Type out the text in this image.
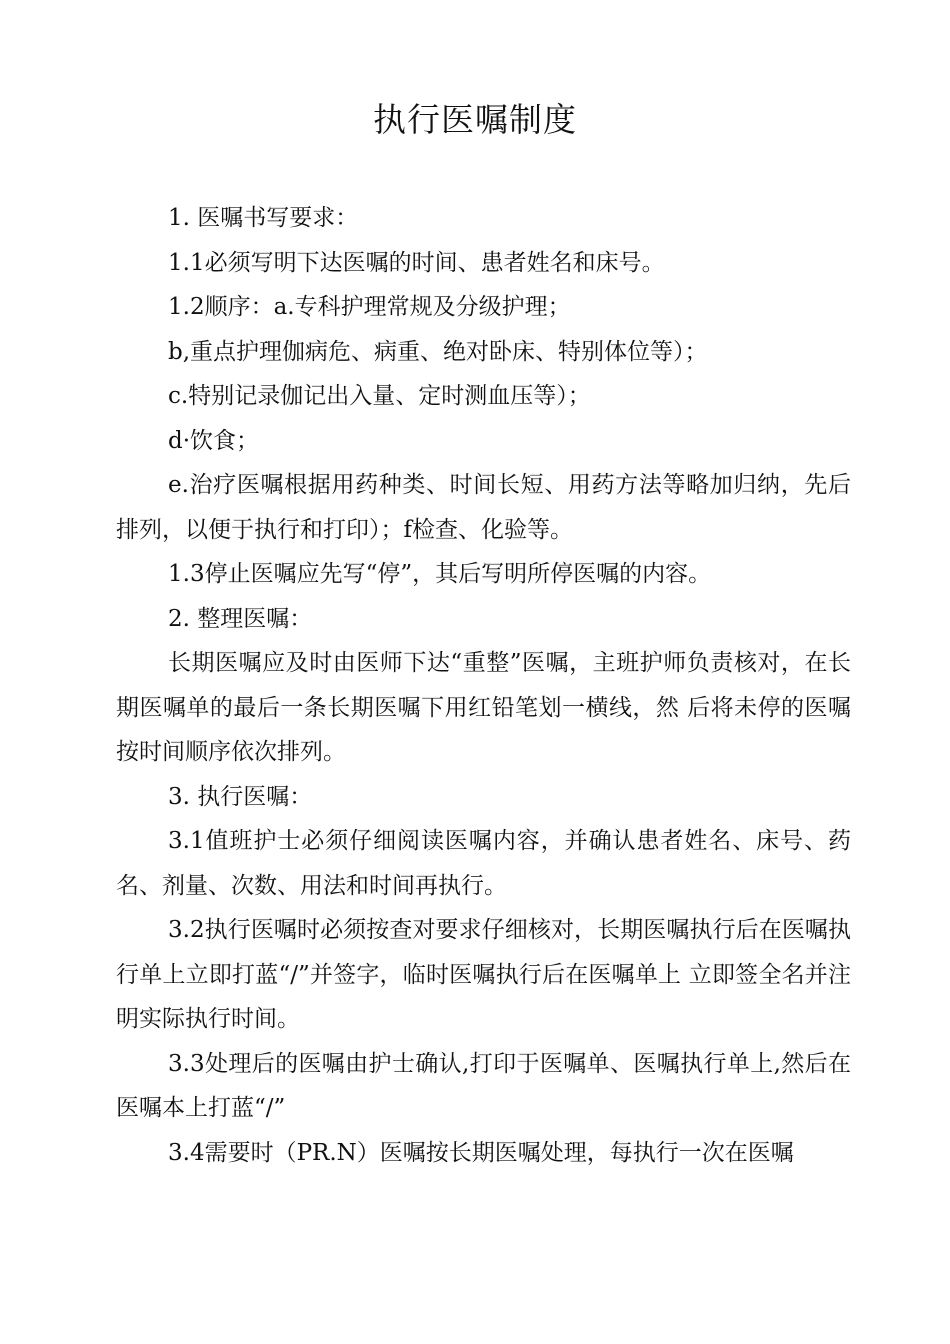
执行医嘱制度

1. 医嘱书写要求：

1.1必须写明下达医嘱的时间、患者姓名和床号。

1.2顺序：a.专科护理常规及分级护理；

b,重点护理伽病危、病重、绝对卧床、特别体位等）；

c.特别记录伽记出入量、定时测血压等）；

d·饮食；

e.治疗医嘱根据用药种类、时间长短、用药方法等略加归纳，先后排列，以便于执行和打印）；f检查、化验等。

1.3停止医嘱应先写“停”，其后写明所停医嘱的内容。

2. 整理医嘱：

长期医嘱应及时由医师下达“重整”医嘱，主班护师负责核对，在长期医嘱单的最后一条长期医嘱下用红铅笔划一横线，然 后将未停的医嘱按时间顺序依次排列。

3. 执行医嘱：

3.1值班护士必须仔细阅读医嘱内容，并确认患者姓名、床号、药名、剂量、次数、用法和时间再执行。

3.2执行医嘱时必须按查对要求仔细核对，长期医嘱执行后在医嘱执行单上立即打蓝“/”并签字，临时医嘱执行后在医嘱单上 立即签全名并注明实际执行时间。

3.3处理后的医嘱由护士确认,打印于医嘱单、医嘱执行单上,然后在医嘱本上打蓝“/”

3.4需要时（PR.N）医嘱按长期医嘱处理，每执行一次在医嘱
